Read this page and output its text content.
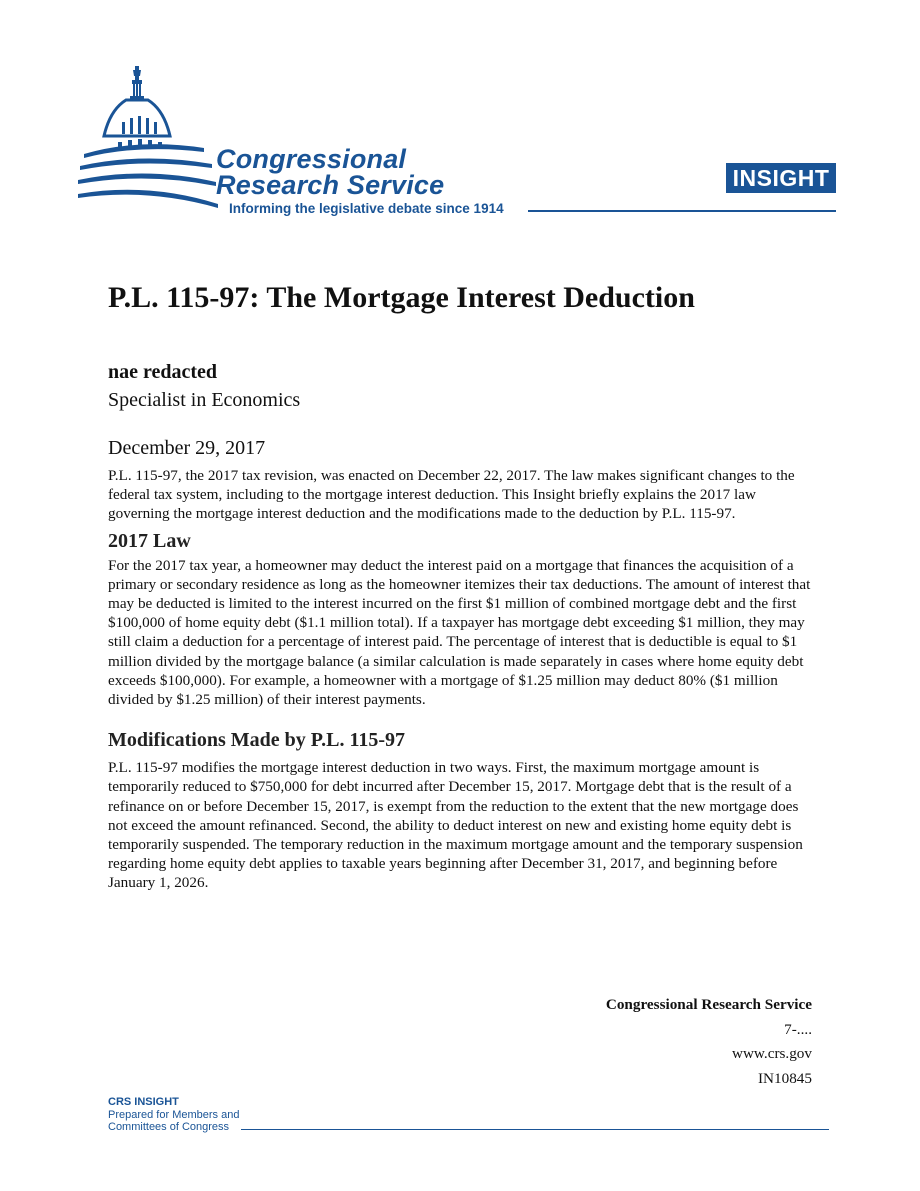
Congressional
Research Service
Informing the legislative debate since 1914
INSIGHT
P.L. 115-97: The Mortgage Interest Deduction
nae redacted
Specialist in Economics
December 29, 2017

P.L. 115-97, the 2017 tax revision, was enacted on December 22, 2017. The law makes significant changes to the federal tax system, including to the mortgage interest deduction. This Insight briefly explains the 2017 law governing the mortgage interest deduction and the modifications made to the deduction by P.L. 115-97.

2017 Law

For the 2017 tax year, a homeowner may deduct the interest paid on a mortgage that finances the acquisition of a primary or secondary residence as long as the homeowner itemizes their tax deductions. The amount of interest that may be deducted is limited to the interest incurred on the first $1 million of combined mortgage debt and the first $100,000 of home equity debt ($1.1 million total). If a taxpayer has mortgage debt exceeding $1 million, they may still claim a deduction for a percentage of interest paid. The percentage of interest that is deductible is equal to $1 million divided by the mortgage balance (a similar calculation is made separately in cases where home equity debt exceeds $100,000). For example, a homeowner with a mortgage of $1.25 million may deduct 80% ($1 million divided by $1.25 million) of their interest payments.

Modifications Made by P.L. 115-97

P.L. 115-97 modifies the mortgage interest deduction in two ways. First, the maximum mortgage amount is temporarily reduced to $750,000 for debt incurred after December 15, 2017. Mortgage debt that is the result of a refinance on or before December 15, 2017, is exempt from the reduction to the extent that the new mortgage does not exceed the amount refinanced. Second, the ability to deduct interest on new and existing home equity debt is temporarily suspended. The temporary reduction in the maximum mortgage amount and the temporary suspension regarding home equity debt applies to taxable years beginning after December 31, 2017, and beginning before January 1, 2026.

Congressional Research Service
7-....
www.crs.gov
IN10845
CRS INSIGHT
Prepared for Members and
Committees of Congress
